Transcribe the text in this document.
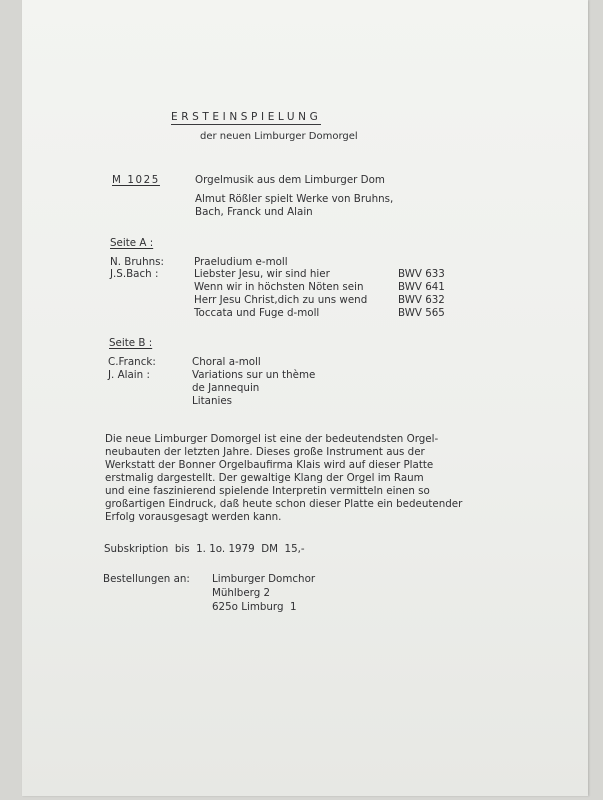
ERSTEINSPIELUNG
der neuen Limburger Domorgel
M 1025	Orgelmusik aus dem Limburger Dom
Almut Rößler spielt Werke von Bruhns,
Bach, Franck und Alain
Seite A :
N. Bruhns:	Praeludium e-moll
J.S.Bach :	Liebster Jesu, wir sind hier	BWV 633
Wenn wir in höchsten Nöten sein	BWV 641
Herr Jesu Christ,dich zu uns wend	BWV 632
Toccata und Fuge d-moll	BWV 565
Seite B :
C.Franck:	Choral a-moll
J. Alain :	Variations sur un thème
de Jannequin
Litanies
Die neue Limburger Domorgel ist eine der bedeutendsten Orgel-
neubauten der letzten Jahre. Dieses große Instrument aus der
Werkstatt der Bonner Orgelbaufirma Klais wird auf dieser Platte
erstmalig dargestellt. Der gewaltige Klang der Orgel im Raum
und eine faszinierend spielende Interpretin vermitteln einen so
großartigen Eindruck, daß heute schon dieser Platte ein bedeutender
Erfolg vorausgesagt werden kann.
Subskription  bis  1. 1o. 1979  DM  15,-
Bestellungen an: Limburger Domchor
Mühlberg 2
625o Limburg  1
